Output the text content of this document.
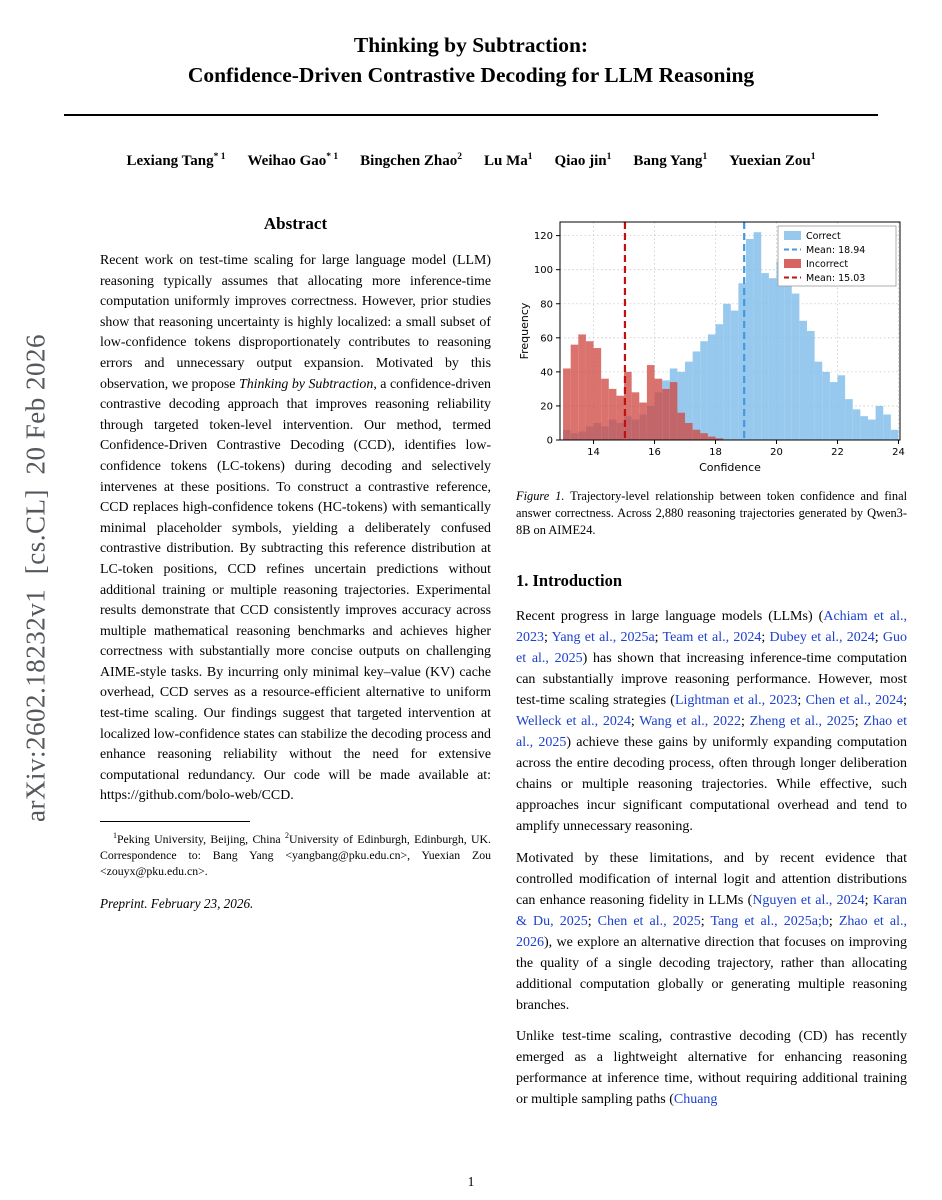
arXiv:2602.18232v1  [cs.CL]  20 Feb 2026
Thinking by Subtraction:
Confidence-Driven Contrastive Decoding for LLM Reasoning
Lexiang Tang$^{* 1}$ Weihao Gao$^{* 1}$ Bingchen Zhao$^2$ Lu Ma$^1$ Qiao jin$^1$ Bang Yang$^1$ Yuexian Zou$^1$
Abstract

Recent work on test-time scaling for large language model (LLM) reasoning typically assumes that allocating more inference-time computation uniformly improves correctness. However, prior studies show that reasoning uncertainty is highly localized: a small subset of low-confidence tokens disproportionately contributes to reasoning errors and unnecessary output expansion. Motivated by this observation, we propose Thinking by Subtraction, a confidence-driven contrastive decoding approach that improves reasoning reliability through targeted token-level intervention. Our method, termed Confidence-Driven Contrastive Decoding (CCD), identifies low-confidence tokens (LC-tokens) during decoding and selectively intervenes at these positions. To construct a contrastive reference, CCD replaces high-confidence tokens (HC-tokens) with semantically minimal placeholder symbols, yielding a deliberately confused contrastive distribution. By subtracting this reference distribution at LC-token positions, CCD refines uncertain predictions without additional training or multiple reasoning trajectories. Experimental results demonstrate that CCD consistently improves accuracy across multiple mathematical reasoning benchmarks and achieves higher correctness with substantially more concise outputs on challenging AIME-style tasks. By incurring only minimal key–value (KV) cache overhead, CCD serves as a resource-efficient alternative to uniform test-time scaling. Our findings suggest that targeted intervention at localized low-confidence states can stabilize the decoding process and enhance reasoning reliability without the need for extensive computational redundancy. Our code will be made available at: https://github.com/bolo-web/CCD.

$^1$Peking University, Beijing, China $^2$University of Edinburgh, Edinburgh, UK. Correspondence to: Bang Yang <yangbang@pku.edu.cn>, Yuexian Zou <zouyx@pku.edu.cn>.

Preprint. February 23, 2026.

0
20
40
60
80
100
120
14	16	18	20	22	24
Frequency
Confidence
Correct
Mean: 18.94
Incorrect
Mean: 15.03

Figure 1. Trajectory-level relationship between token confidence and final answer correctness. Across 2,880 reasoning trajectories generated by Qwen3-8B on AIME24.

1. Introduction

Recent progress in large language models (LLMs) (Achiam et al., 2023; Yang et al., 2025a; Team et al., 2024; Dubey et al., 2024; Guo et al., 2025) has shown that increasing inference-time computation can substantially improve reasoning performance. However, most test-time scaling strategies (Lightman et al., 2023; Chen et al., 2024; Welleck et al., 2024; Wang et al., 2022; Zheng et al., 2025; Zhao et al., 2025) achieve these gains by uniformly expanding computation across the entire decoding process, often through longer deliberation chains or multiple reasoning trajectories. While effective, such approaches incur significant computational overhead and tend to amplify unnecessary reasoning.

Motivated by these limitations, and by recent evidence that controlled modification of internal logit and attention distributions can enhance reasoning fidelity in LLMs (Nguyen et al., 2024; Karan & Du, 2025; Chen et al., 2025; Tang et al., 2025a;b; Zhao et al., 2026), we explore an alternative direction that focuses on improving the quality of a single decoding trajectory, rather than allocating additional computation globally or generating multiple reasoning branches.

Unlike test-time scaling, contrastive decoding (CD) has recently emerged as a lightweight alternative for enhancing reasoning performance at inference time, without requiring additional training or multiple sampling paths (Chuang

1
